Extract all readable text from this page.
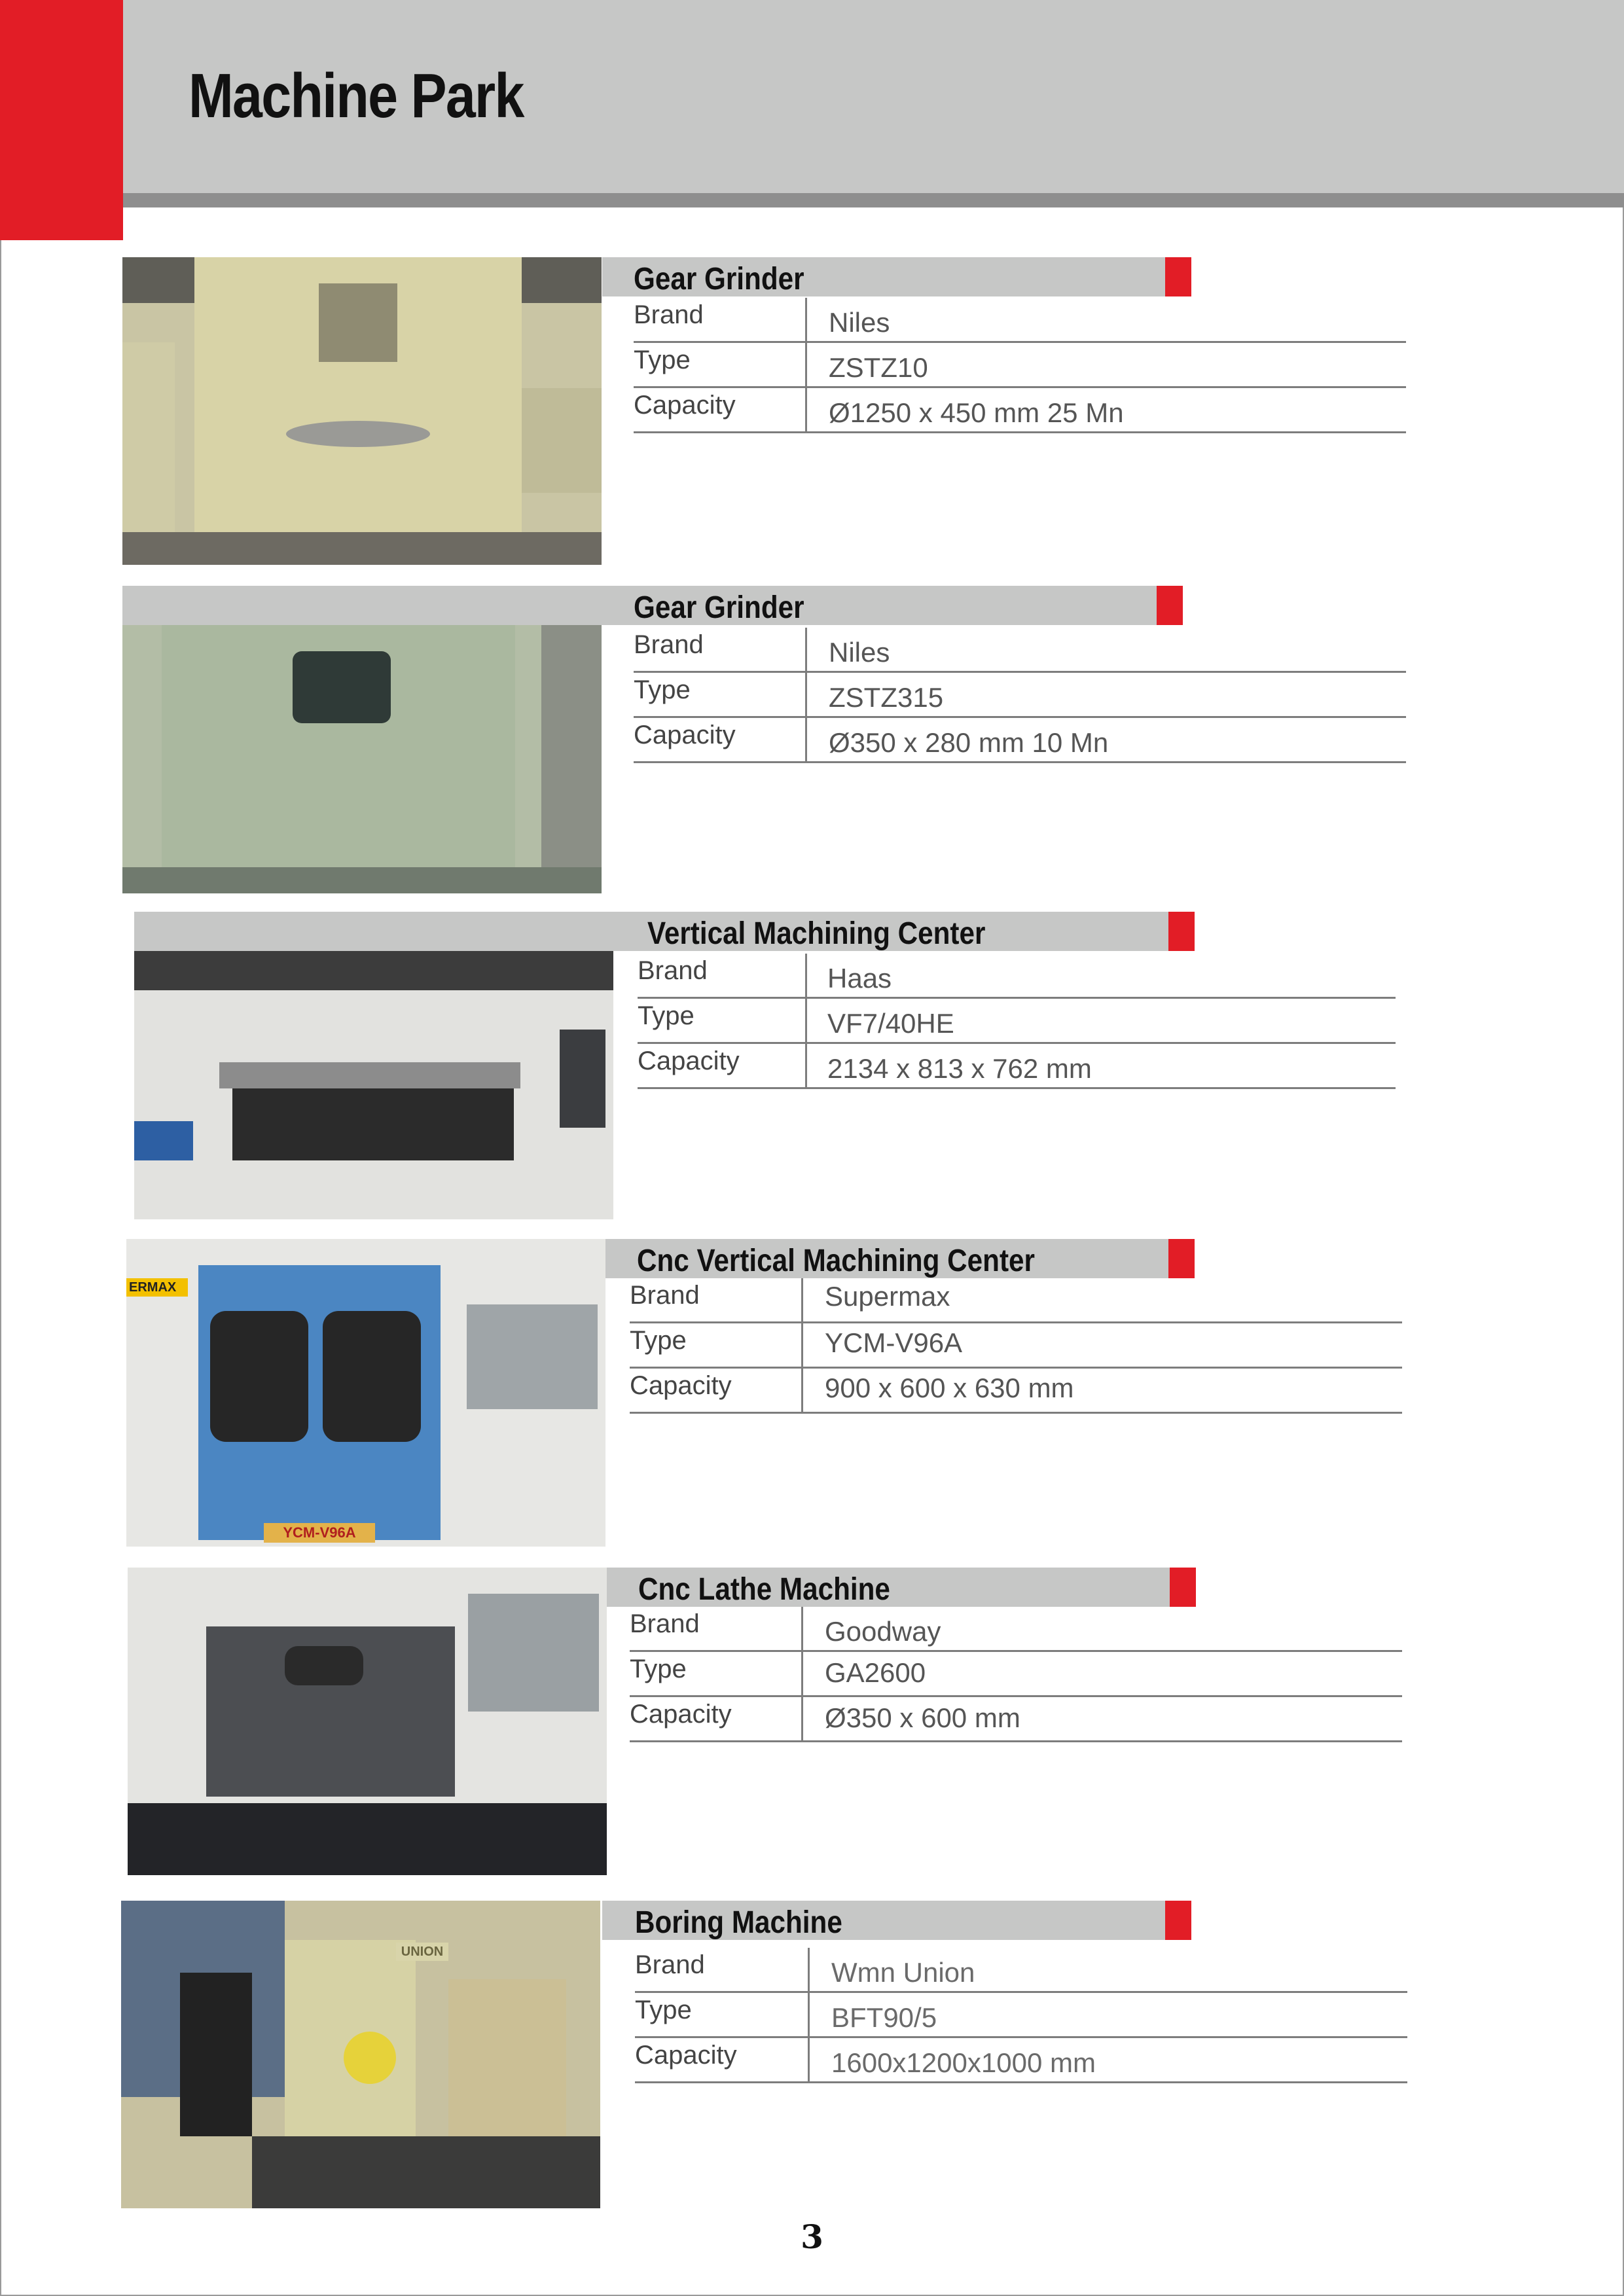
Machine Park
Gear Grinder
Brand	Niles
Type	ZSTZ10
Capacity	Ø1250 x 450 mm 25 Mn
Gear Grinder
Brand	Niles
Type	ZSTZ315
Capacity	Ø350 x 280 mm 10 Mn
Vertical Machining Center
Brand	Haas
Type	VF7/40HE
Capacity	2134 x 813 x 762 mm
ERMAX
YCM-V96A
Cnc Vertical Machining Center
Brand	Supermax
Type	YCM-V96A
Capacity	900 x 600 x 630 mm
Cnc Lathe Machine
Brand	Goodway
Type	GA2600
Capacity	Ø350 x 600 mm
UNION
Boring Machine
Brand	Wmn Union
Type	BFT90/5
Capacity	1600x1200x1000 mm
3
